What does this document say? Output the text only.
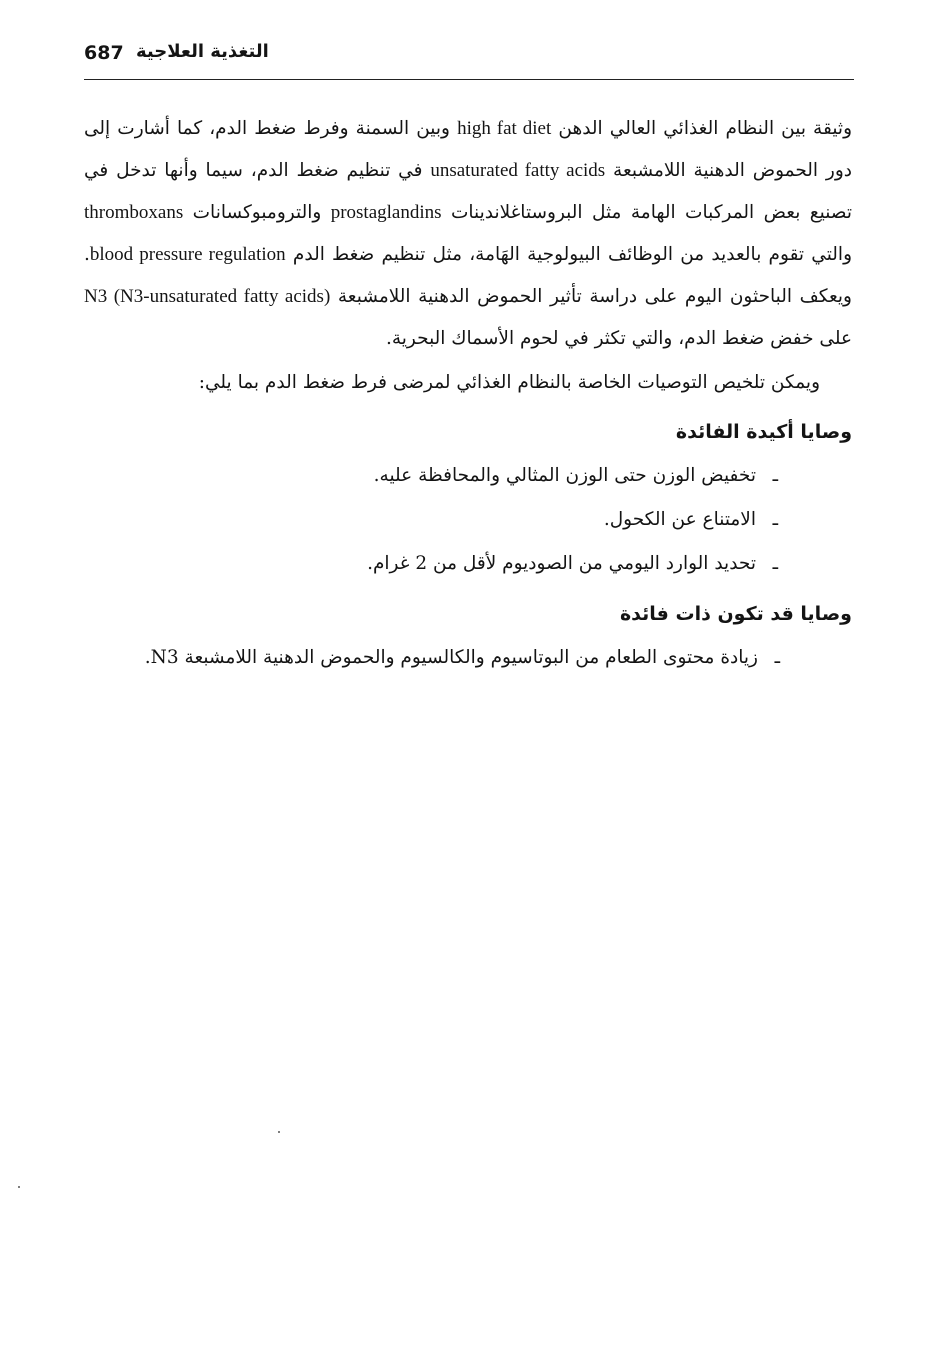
687 التغذية العلاجية

وثيقة بين النظام الغذائي العالي الدهن high fat diet وبين السمنة وفرط ضغط الدم، كما أشارت إلى دور الحموض الدهنية اللامشبعة unsaturated fatty acids في تنظيم ضغط الدم، سيما وأنها تدخل في تصنيع بعض المركبات الهامة مثل البروستاغلاندينات prostaglandins والترومبوكسانات thromboxans والتي تقوم بالعديد من الوظائف البيولوجية الهَامة، مثل تنظيم ضغط الدم blood pressure regulation. ويعكف الباحثون اليوم على دراسة تأثير الحموض الدهنية اللامشبعة N3 (N3-unsaturated fatty acids) على خفض ضغط الدم، والتي تكثر في لحوم الأسماك البحرية.

ويمكن تلخيص التوصيات الخاصة بالنظام الغذائي لمرضى فرط ضغط الدم بما يلي:

وصايا أكيدة الفائدة
ـ
تخفيض الوزن حتى الوزن المثالي والمحافظة عليه.
ـ
الامتناع عن الكحول.
ـ
تحديد الوارد اليومي من الصوديوم لأقل من 2 غرام.
وصايا قد تكون ذات فائدة
ـ
زيادة محتوى الطعام من البوتاسيوم والكالسيوم والحموض الدهنية اللامشبعة N3.
